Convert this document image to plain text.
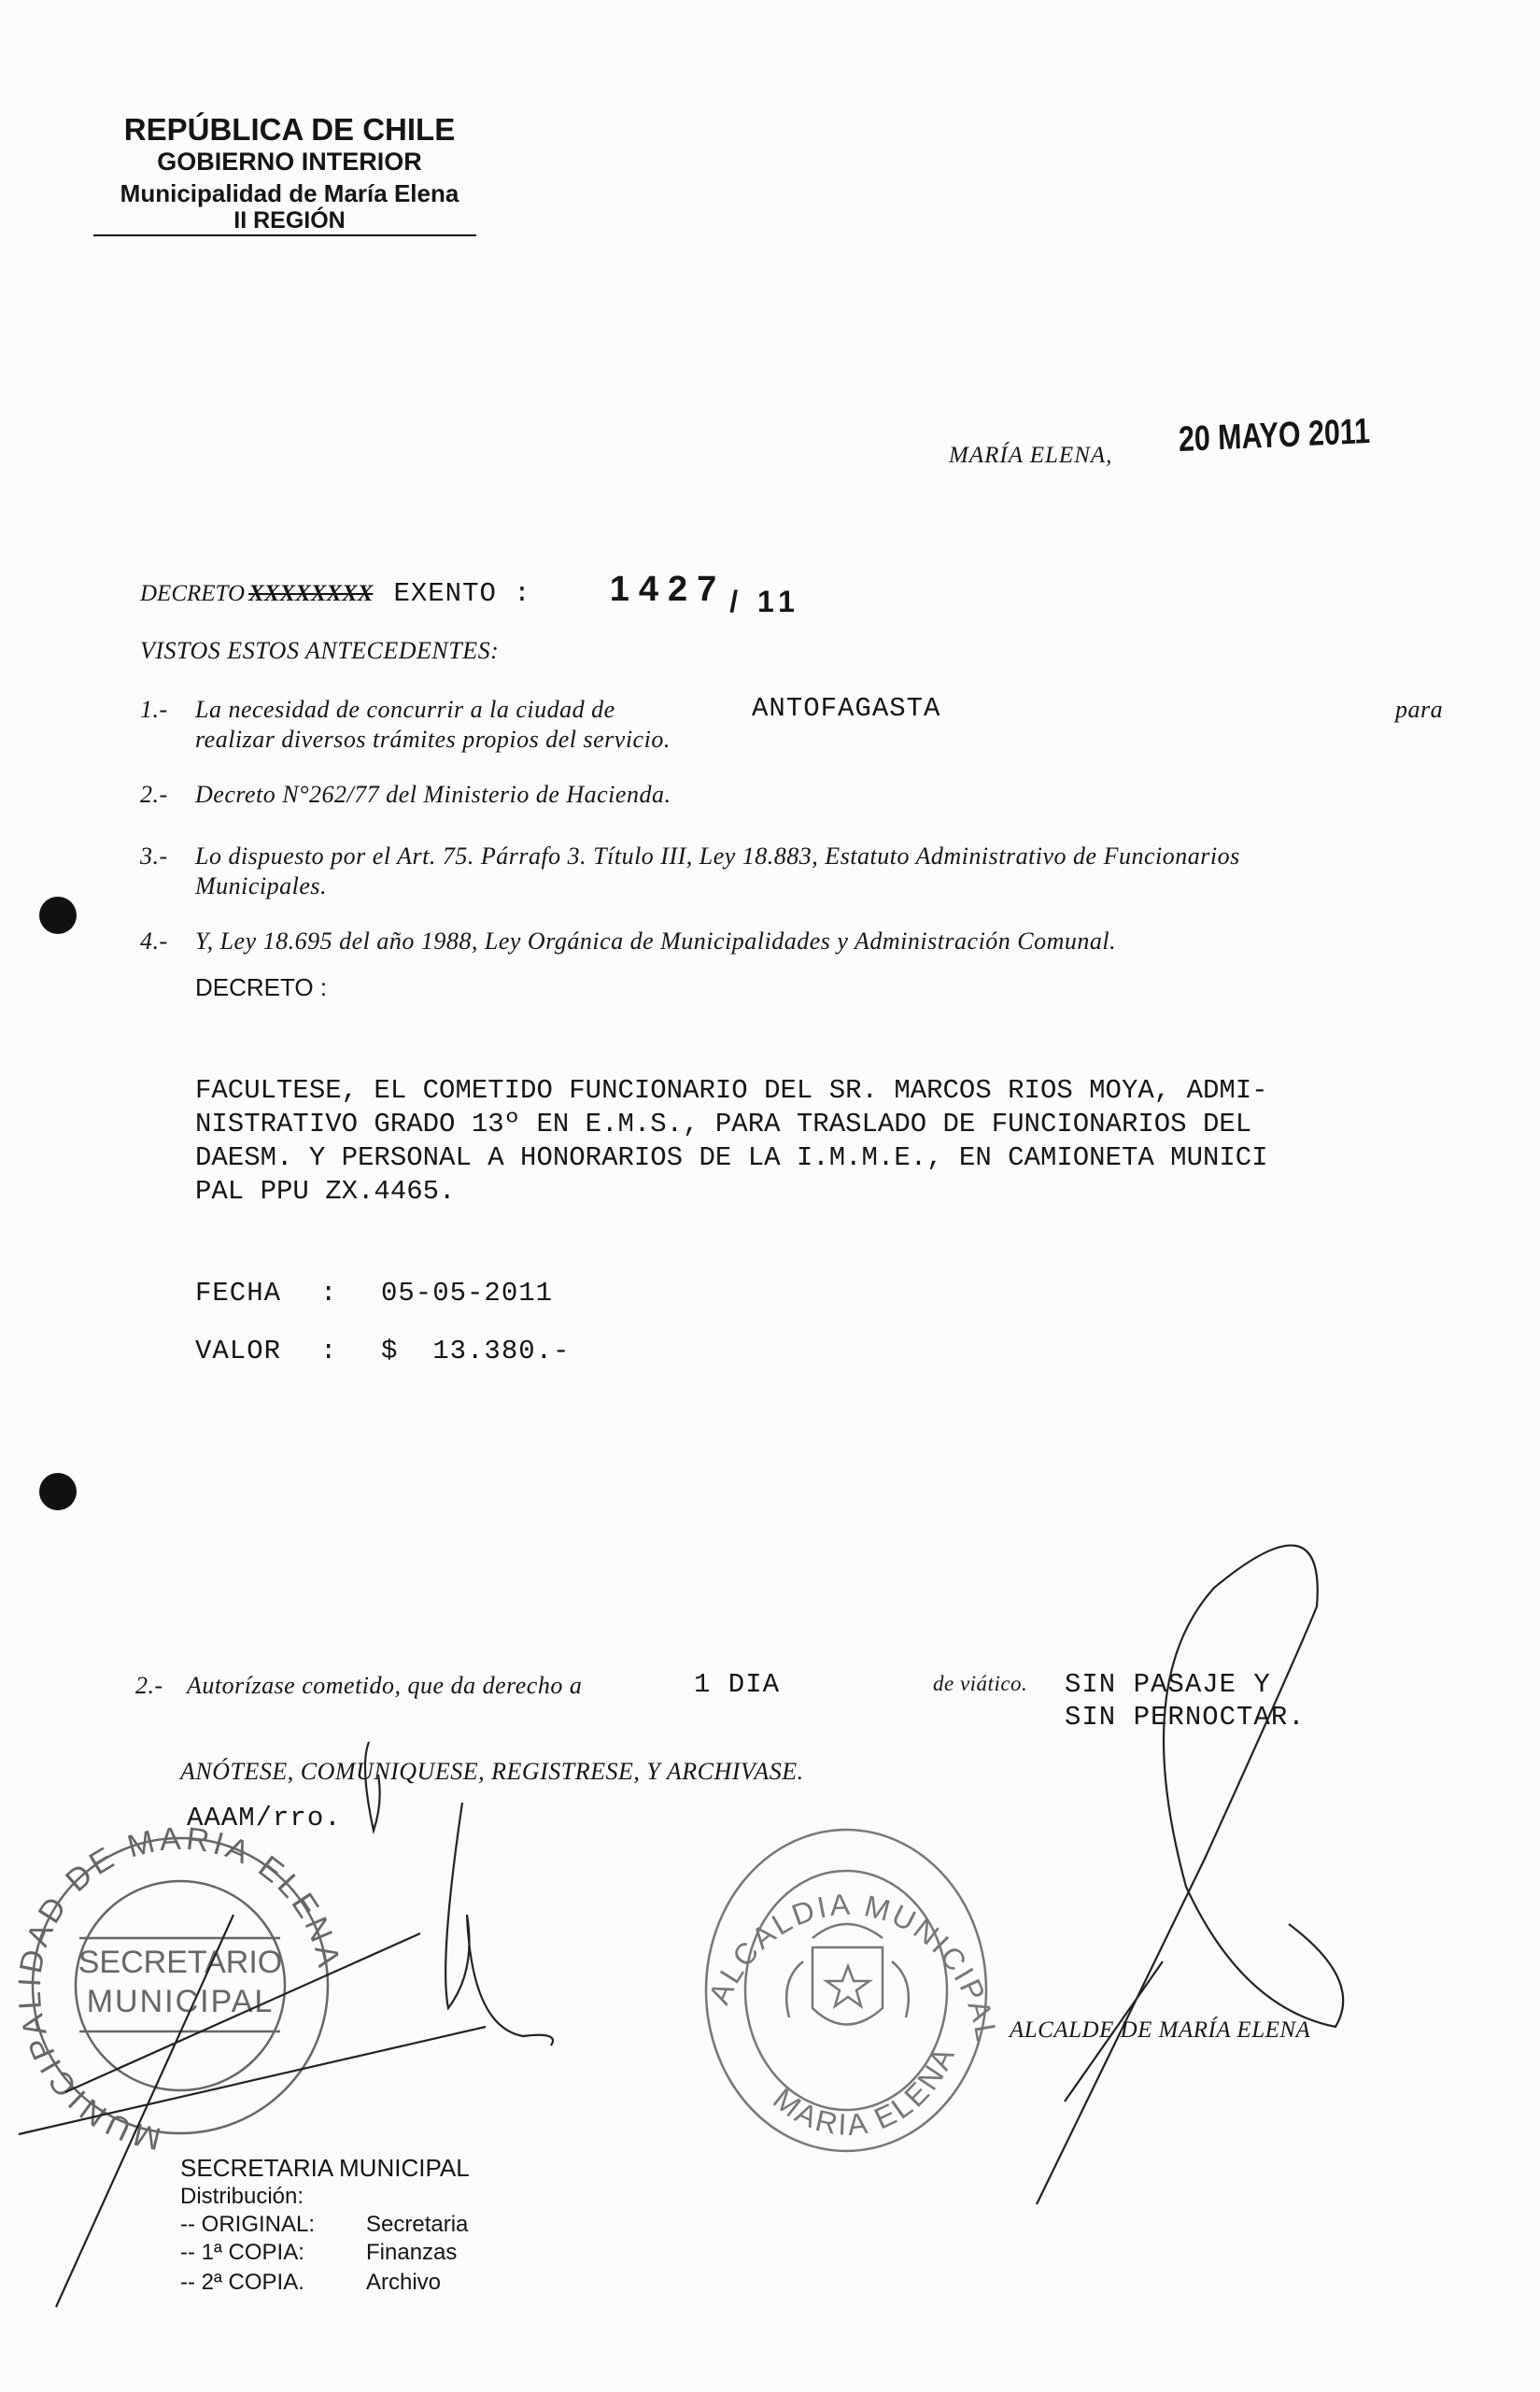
REPÚBLICA DE CHILE
GOBIERNO INTERIOR
Municipalidad de María Elena
II REGIÓN
MARÍA ELENA, 20 MAYO 2011
DECRETO XXXXXXXX EXENTO : 1427 / 11
VISTOS ESTOS ANTECEDENTES:
1.- La necesidad de concurrir a la ciudad de	ANTOFAGASTA	para
realizar diversos trámites propios del servicio.
2.- Decreto N°262/77 del Ministerio de Hacienda.
3.- Lo dispuesto por el Art. 75. Párrafo 3. Título III, Ley 18.883, Estatuto Administrativo de Funcionarios
Municipales.
4.- Y, Ley 18.695 del año 1988, Ley Orgánica de Municipalidades y Administración Comunal.
DECRETO :
FACULTESE, EL COMETIDO FUNCIONARIO DEL SR. MARCOS RIOS MOYA, ADMI-
NISTRATIVO GRADO 13º EN E.M.S., PARA TRASLADO DE FUNCIONARIOS DEL
DAESM. Y PERSONAL A HONORARIOS DE LA I.M.M.E., EN CAMIONETA MUNICI
PAL PPU ZX.4465.
FECHA : 05-05-2011
VALOR : $  13.380.-
2.- Autorízase cometido, que da derecho a	1 DIA	de viático. SIN PASAJE Y
SIN PERNOCTAR.
ANÓTESE, COMUNIQUESE, REGISTRESE, Y ARCHIVASE.
AAAM/rro.
MUNICIPALIDAD DE MARIA ELENA
SECRETARIO
MUNICIPAL	ALCALDIA MUNICIPAL
MARIA ELENA
ALCALDE DE MARÍA ELENA
SECRETARIA MUNICIPAL
Distribución:
-- ORIGINAL: Secretaria
-- 1ª COPIA:	Finanzas
-- 2ª COPIA.	Archivo
